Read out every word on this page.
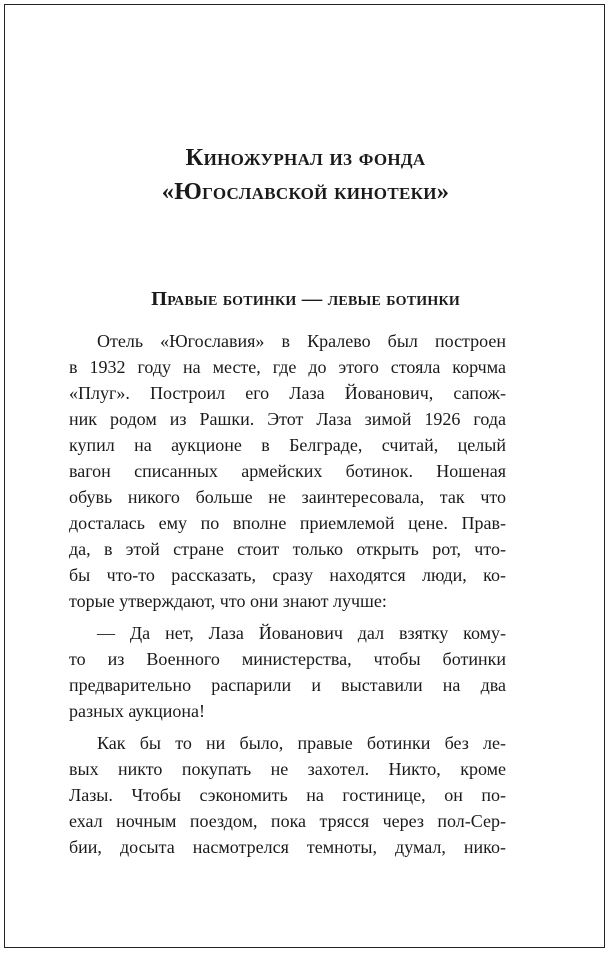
Киножурнал из фонда
«Югославской кинотеки»
Правые ботинки — левые ботинки
Отель «Югославия» в Кралево был построен
в 1932 году на месте, где до этого стояла корчма
«Плуг». Построил его Лаза Йованович, сапож-
ник родом из Рашки. Этот Лаза зимой 1926 года
купил на аукционе в Белграде, считай, целый
вагон списанных армейских ботинок. Ношеная
обувь никого больше не заинтересовала, так что
досталась ему по вполне приемлемой цене. Прав-
да, в этой стране стоит только открыть рот, что-
бы что-то рассказать, сразу находятся люди, ко-
торые утверждают, что они знают лучше:
— Да нет, Лаза Йованович дал взятку кому-
то из Военного министерства, чтобы ботинки
предварительно распарили и выставили на два
разных аукциона!
Как бы то ни было, правые ботинки без ле-
вых никто покупать не захотел. Никто, кроме
Лазы. Чтобы сэкономить на гостинице, он по-
ехал ночным поездом, пока трясся через пол-Сер-
бии, досыта насмотрелся темноты, думал, нико-
